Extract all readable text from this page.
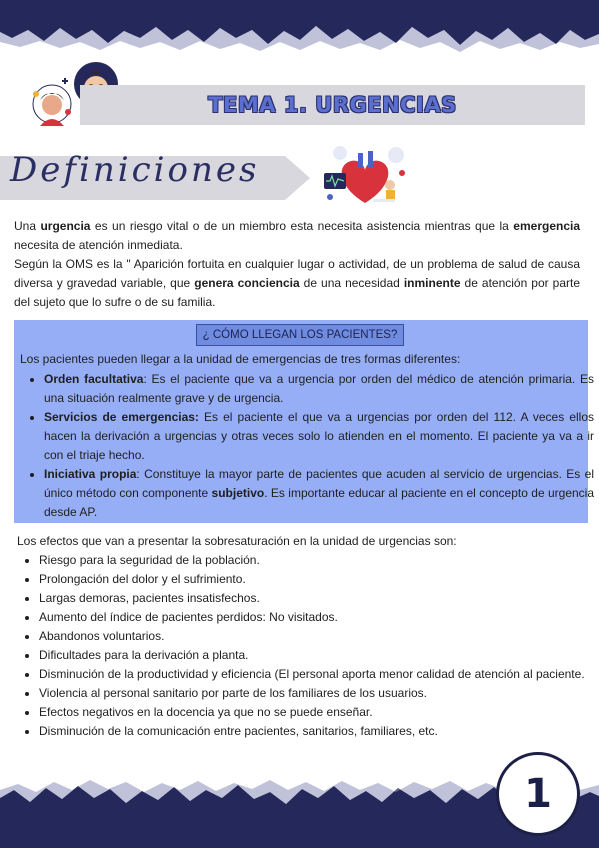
TEMA 1. URGENCIAS
Definiciones

Una urgencia es un riesgo vital o de un miembro esta necesita asistencia mientras que la emergencia necesita de atención inmediata.

Según la OMS es la " Aparición fortuita en cualquier lugar o actividad, de un problema de salud de causa diversa y gravedad variable, que genera conciencia de una necesidad inminente de atención por parte del sujeto que lo sufre o de su familia.

¿ CÓMO LLEGAN LOS PACIENTES?
Los pacientes pueden llegar a la unidad de emergencias de tres formas diferentes:
• Orden facultativa: Es el paciente que va a urgencia por orden del médico de atención primaria. Es una situación realmente grave y de urgencia.
• Servicios de emergencias: Es el paciente el que va a urgencias por orden del 112. A veces ellos hacen la derivación a urgencias y otras veces solo lo atienden en el momento. El paciente ya va a ir con el triaje hecho.
• Iniciativa propia: Constituye la mayor parte de pacientes que acuden al servicio de urgencias. Es el único método con componente subjetivo. Es importante educar al paciente en el concepto de urgencia desde AP.
Los efectos que van a presentar la sobresaturación en la unidad de urgencias son:
• Riesgo para la seguridad de la población.
• Prolongación del dolor y el sufrimiento.
• Largas demoras, pacientes insatisfechos.
• Aumento del índice de pacientes perdidos: No visitados.
• Abandonos voluntarios.
• Dificultades para la derivación a planta.
• Disminución de la productividad y eficiencia (El personal aporta menor calidad de atención al paciente.
• Violencia al personal sanitario por parte de los familiares de los usuarios.
• Efectos negativos en la docencia ya que no se puede enseñar.
• Disminución de la comunicación entre pacientes, sanitarios, familiares, etc.
1
